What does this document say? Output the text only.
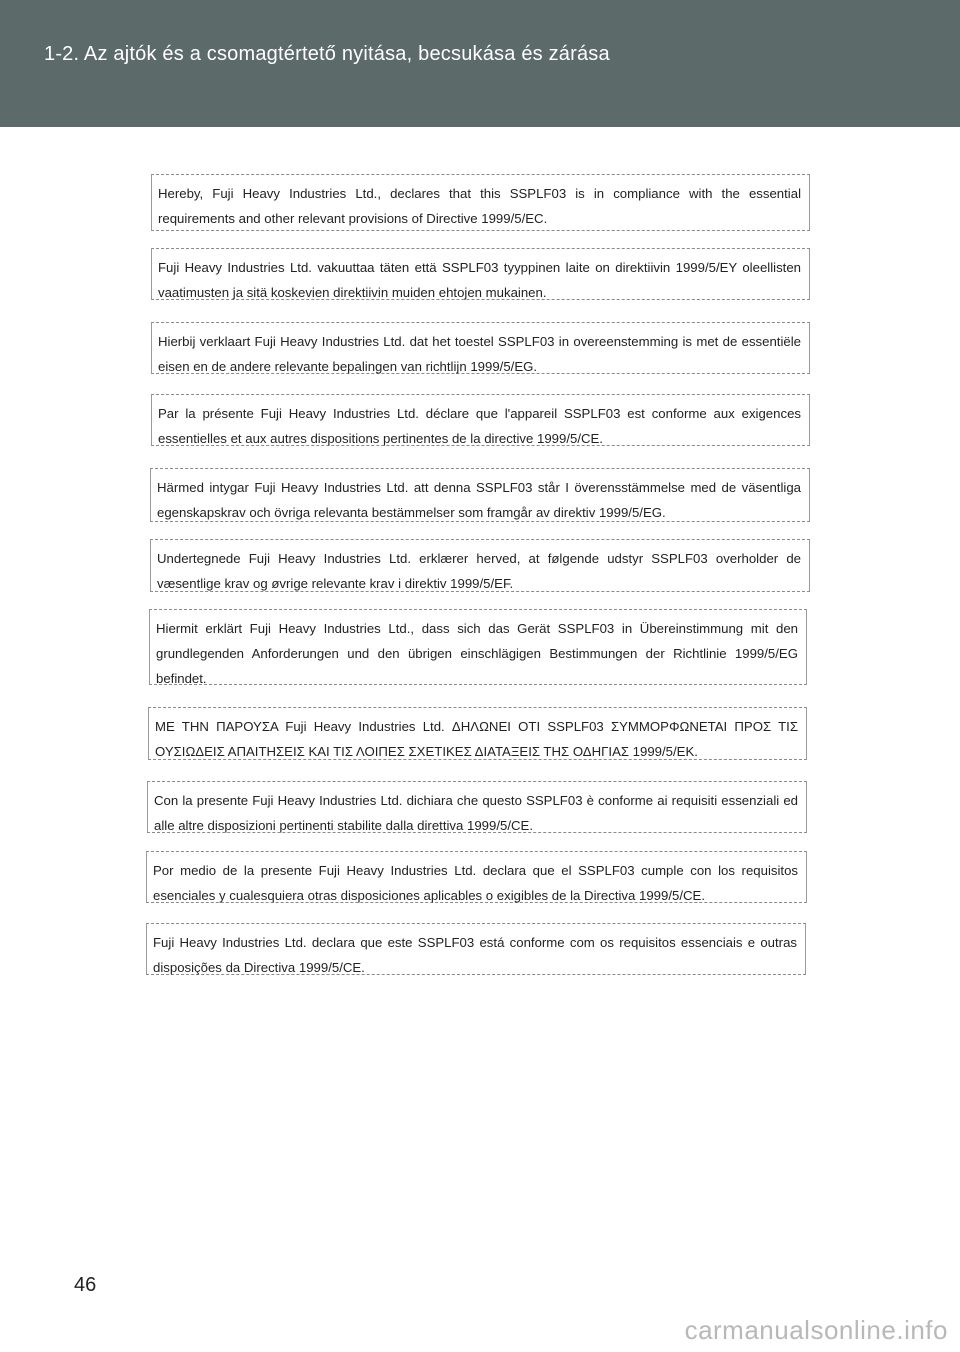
1-2. Az ajtók és a csomagtértető nyitása, becsukása és zárása
Hereby, Fuji Heavy Industries Ltd., declares that this SSPLF03 is in compliance with the essential requirements and other relevant provisions of Directive 1999/5/EC.
Fuji Heavy Industries Ltd. vakuuttaa täten että SSPLF03 tyyppinen laite on direktiivin 1999/5/EY oleellisten vaatimusten ja sitä koskevien direktiivin muiden ehtojen mukainen.
Hierbij verklaart Fuji Heavy Industries Ltd. dat het toestel SSPLF03 in overeenstemming is met de essentiële eisen en de andere relevante bepalingen van richtlijn 1999/5/EG.
Par la présente Fuji Heavy Industries Ltd. déclare que l'appareil SSPLF03 est conforme aux exigences essentielles et aux autres dispositions pertinentes de la directive 1999/5/CE.
Härmed intygar Fuji Heavy Industries Ltd. att denna SSPLF03 står I överensstämmelse med de väsentliga egenskapskrav och övriga relevanta bestämmelser som framgår av direktiv 1999/5/EG.
Undertegnede Fuji Heavy Industries Ltd. erklærer herved, at følgende udstyr SSPLF03 overholder de væsentlige krav og øvrige relevante krav i direktiv 1999/5/EF.
Hiermit erklärt Fuji Heavy Industries Ltd., dass sich das Gerät SSPLF03 in Übereinstimmung mit den grundlegenden Anforderungen und den übrigen einschlägigen Bestimmungen der Richtlinie 1999/5/EG befindet.
ΜΕ ΤΗΝ ΠΑΡΟΥΣΑ Fuji Heavy Industries Ltd. ΔΗΛΩΝΕΙ ΟΤΙ SSPLF03 ΣΥΜΜΟΡΦΩΝΕΤΑΙ ΠΡΟΣ ΤΙΣ ΟΥΣΙΩΔΕΙΣ ΑΠΑΙΤΗΣΕΙΣ ΚΑΙ ΤΙΣ ΛΟΙΠΕΣ ΣΧΕΤΙΚΕΣ ΔΙΑΤΑΞΕΙΣ ΤΗΣ ΟΔΗΓΙΑΣ 1999/5/ΕΚ.
Con la presente Fuji Heavy Industries Ltd. dichiara che questo SSPLF03 è conforme ai requisiti essenziali ed alle altre disposizioni pertinenti stabilite dalla direttiva 1999/5/CE.
Por medio de la presente Fuji Heavy Industries Ltd. declara que el SSPLF03 cumple con los requisitos esenciales y cualesquiera otras disposiciones aplicables o exigibles de la Directiva 1999/5/CE.
Fuji Heavy Industries Ltd. declara que este SSPLF03 está conforme com os requisitos essenciais e outras disposições da Directiva 1999/5/CE.
46
carmanualsonline.info
